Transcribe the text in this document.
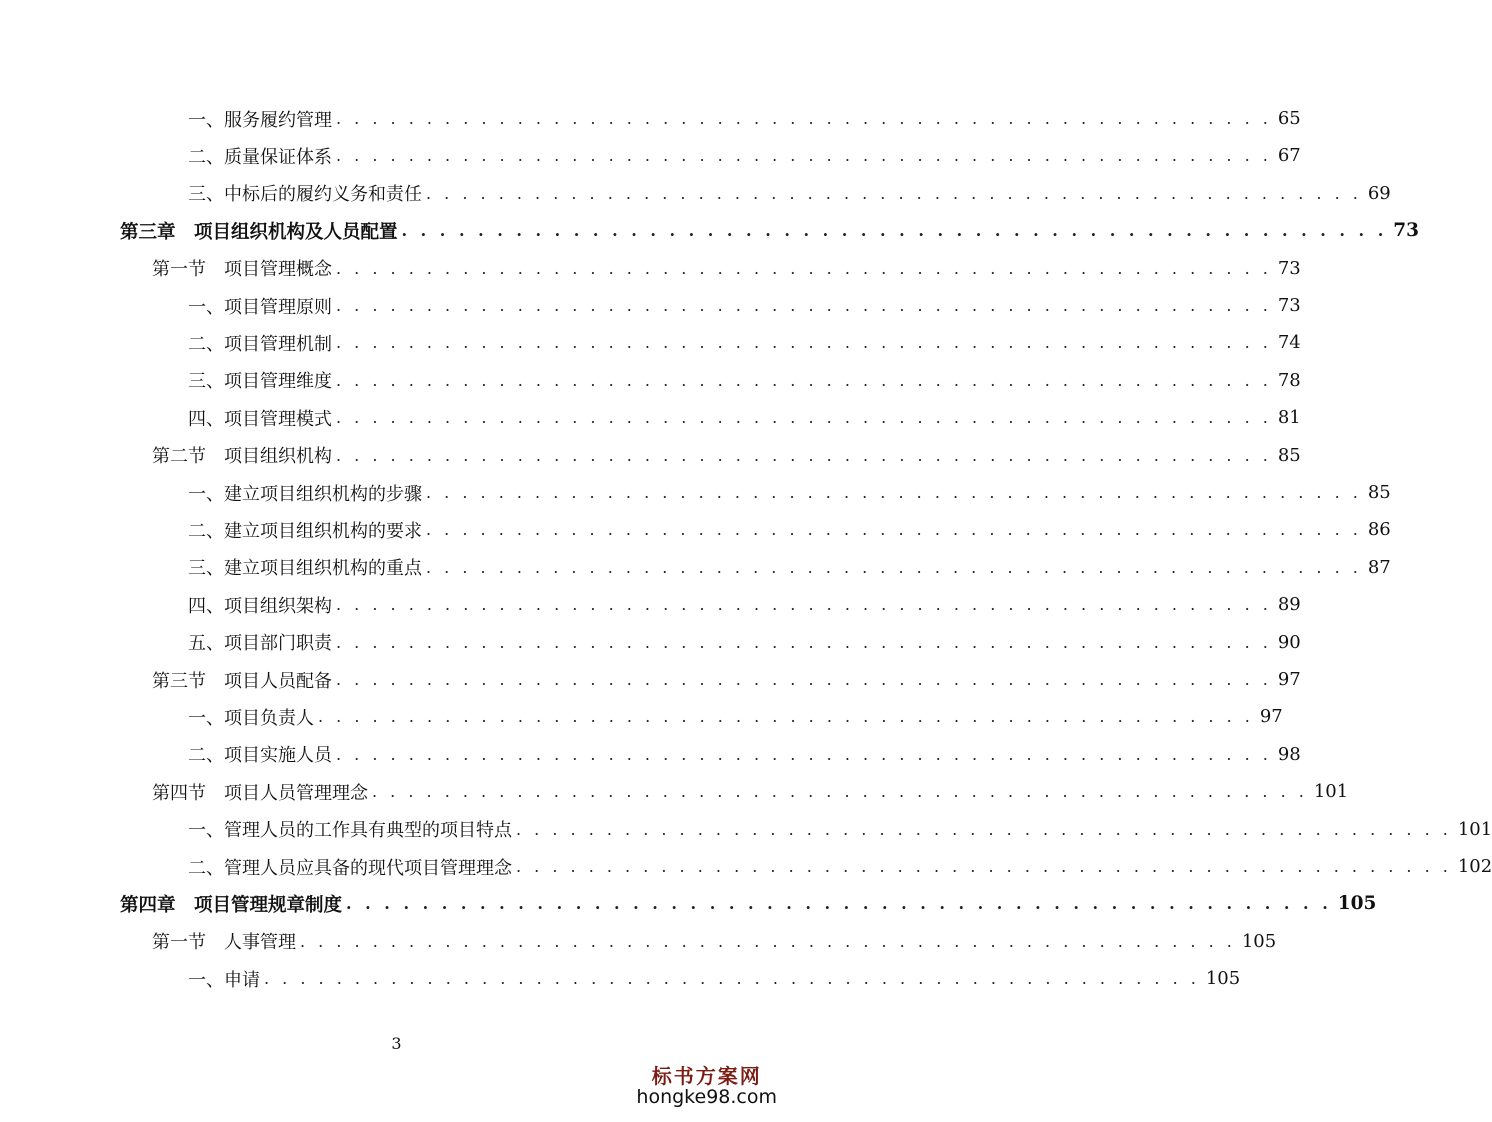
一、服务履约管理 . . . . . . . . . . . . . . . . . . . . . . . . . . . . . . . . . . . . . . . . . . . . . . . . . . . . 65
二、质量保证体系 . . . . . . . . . . . . . . . . . . . . . . . . . . . . . . . . . . . . . . . . . . . . . . . . . . . . 67
三、中标后的履约义务和责任 . . . . . . . . . . . . . . . . . . . . . . . . . . . . . . . . . . . . . . . . . . . . . . . . . . . . 69
第三章　项目组织机构及人员配置 . . . . . . . . . . . . . . . . . . . . . . . . . . . . . . . . . . . . . . . . . . . . . . . . . . . . 73
第一节　项目管理概念 . . . . . . . . . . . . . . . . . . . . . . . . . . . . . . . . . . . . . . . . . . . . . . . . . . . . 73
一、项目管理原则 . . . . . . . . . . . . . . . . . . . . . . . . . . . . . . . . . . . . . . . . . . . . . . . . . . . . 73
二、项目管理机制 . . . . . . . . . . . . . . . . . . . . . . . . . . . . . . . . . . . . . . . . . . . . . . . . . . . . 74
三、项目管理维度 . . . . . . . . . . . . . . . . . . . . . . . . . . . . . . . . . . . . . . . . . . . . . . . . . . . . 78
四、项目管理模式 . . . . . . . . . . . . . . . . . . . . . . . . . . . . . . . . . . . . . . . . . . . . . . . . . . . . 81
第二节　项目组织机构 . . . . . . . . . . . . . . . . . . . . . . . . . . . . . . . . . . . . . . . . . . . . . . . . . . . . 85
一、建立项目组织机构的步骤 . . . . . . . . . . . . . . . . . . . . . . . . . . . . . . . . . . . . . . . . . . . . . . . . . . . . 85
二、建立项目组织机构的要求 . . . . . . . . . . . . . . . . . . . . . . . . . . . . . . . . . . . . . . . . . . . . . . . . . . . . 86
三、建立项目组织机构的重点 . . . . . . . . . . . . . . . . . . . . . . . . . . . . . . . . . . . . . . . . . . . . . . . . . . . . 87
四、项目组织架构 . . . . . . . . . . . . . . . . . . . . . . . . . . . . . . . . . . . . . . . . . . . . . . . . . . . . 89
五、项目部门职责 . . . . . . . . . . . . . . . . . . . . . . . . . . . . . . . . . . . . . . . . . . . . . . . . . . . . 90
第三节　项目人员配备 . . . . . . . . . . . . . . . . . . . . . . . . . . . . . . . . . . . . . . . . . . . . . . . . . . . . 97
一、项目负责人 . . . . . . . . . . . . . . . . . . . . . . . . . . . . . . . . . . . . . . . . . . . . . . . . . . . . 97
二、项目实施人员 . . . . . . . . . . . . . . . . . . . . . . . . . . . . . . . . . . . . . . . . . . . . . . . . . . . . 98
第四节　项目人员管理理念 . . . . . . . . . . . . . . . . . . . . . . . . . . . . . . . . . . . . . . . . . . . . . . . . . . . . 101
一、管理人员的工作具有典型的项目特点 . . . . . . . . . . . . . . . . . . . . . . . . . . . . . . . . . . . . . . . . . . . . . . . . . . . . 101
二、管理人员应具备的现代项目管理理念 . . . . . . . . . . . . . . . . . . . . . . . . . . . . . . . . . . . . . . . . . . . . . . . . . . . . 102
第四章　项目管理规章制度 . . . . . . . . . . . . . . . . . . . . . . . . . . . . . . . . . . . . . . . . . . . . . . . . . . . . 105
第一节　人事管理 . . . . . . . . . . . . . . . . . . . . . . . . . . . . . . . . . . . . . . . . . . . . . . . . . . . . 105
一、申请 . . . . . . . . . . . . . . . . . . . . . . . . . . . . . . . . . . . . . . . . . . . . . . . . . . . . 105
3
标书方案网
hongke98.com
